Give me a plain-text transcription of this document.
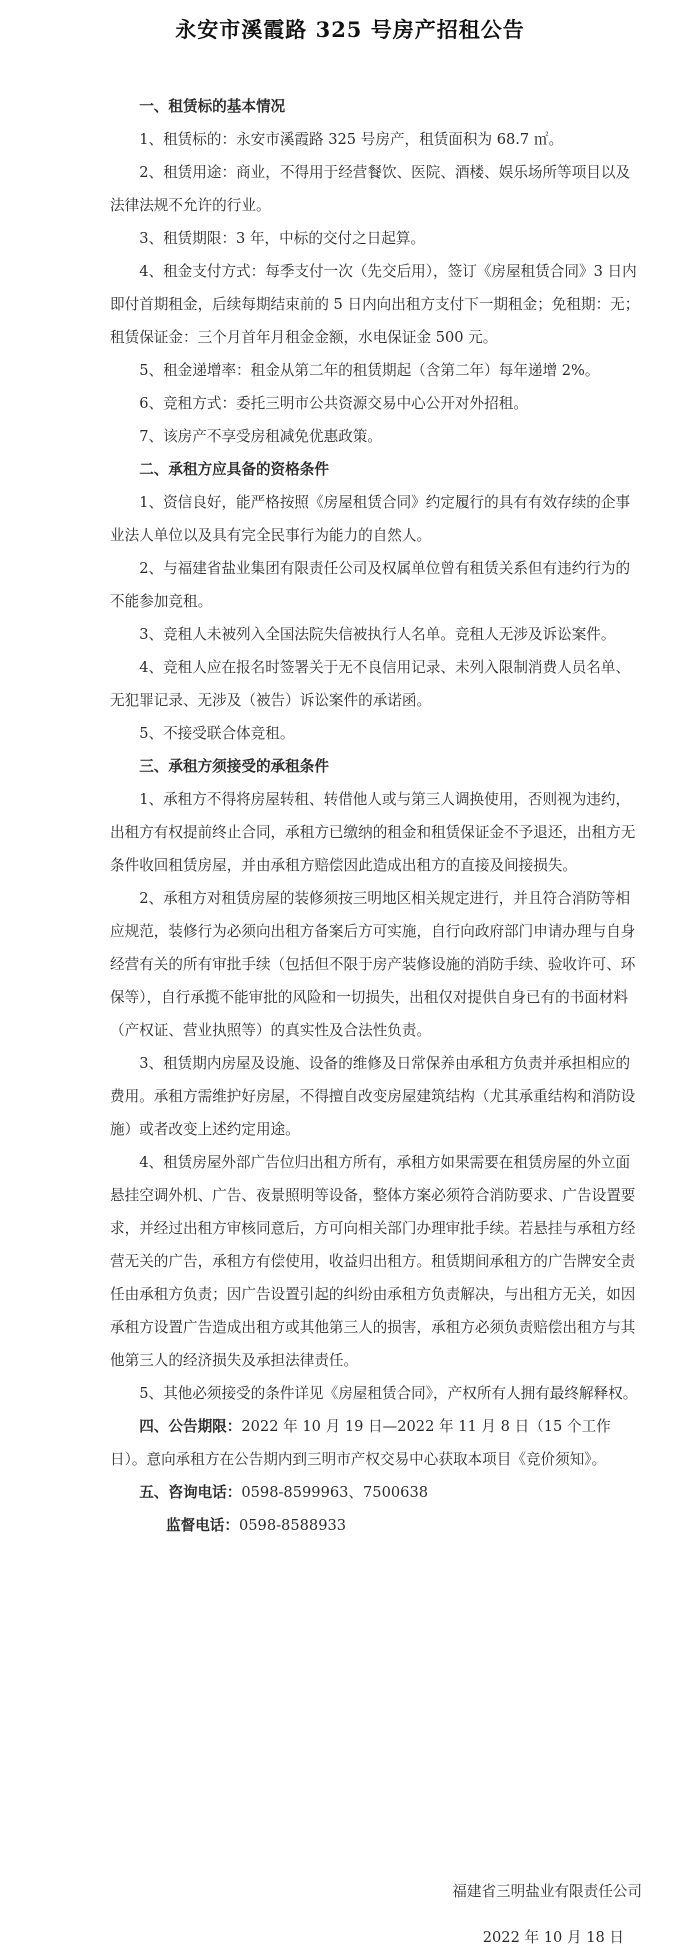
永安市溪霞路 325 号房产招租公告

一、租赁标的基本情况

1、租赁标的：永安市溪霞路 325 号房产，租赁面积为 68.7 ㎡。

2、租赁用途：商业，不得用于经营餐饮、医院、酒楼、娱乐场所等项目以及法律法规不允许的行业。

3、租赁期限：3 年，中标的交付之日起算。

4、租金支付方式：每季支付一次（先交后用），签订《房屋租赁合同》3 日内即付首期租金，后续每期结束前的 5 日内向出租方支付下一期租金；免租期：无；租赁保证金：三个月首年月租金金额，水电保证金 500 元。

5、租金递增率：租金从第二年的租赁期起（含第二年）每年递增 2%。

6、竞租方式：委托三明市公共资源交易中心公开对外招租。

7、该房产不享受房租减免优惠政策。

二、承租方应具备的资格条件

1、资信良好，能严格按照《房屋租赁合同》约定履行的具有有效存续的企事业法人单位以及具有完全民事行为能力的自然人。

2、与福建省盐业集团有限责任公司及权属单位曾有租赁关系但有违约行为的不能参加竞租。

3、竞租人未被列入全国法院失信被执行人名单。竞租人无涉及诉讼案件。

4、竞租人应在报名时签署关于无不良信用记录、未列入限制消费人员名单、无犯罪记录、无涉及（被告）诉讼案件的承诺函。

5、不接受联合体竞租。

三、承租方须接受的承租条件

1、承租方不得将房屋转租、转借他人或与第三人调换使用，否则视为违约，出租方有权提前终止合同，承租方已缴纳的租金和租赁保证金不予退还，出租方无条件收回租赁房屋，并由承租方赔偿因此造成出租方的直接及间接损失。

2、承租方对租赁房屋的装修须按三明地区相关规定进行，并且符合消防等相应规范，装修行为必须向出租方备案后方可实施，自行向政府部门申请办理与自身经营有关的所有审批手续（包括但不限于房产装修设施的消防手续、验收许可、环保等），自行承揽不能审批的风险和一切损失，出租仅对提供自身已有的书面材料（产权证、营业执照等）的真实性及合法性负责。

3、租赁期内房屋及设施、设备的维修及日常保养由承租方负责并承担相应的费用。承租方需维护好房屋，不得擅自改变房屋建筑结构（尤其承重结构和消防设施）或者改变上述约定用途。

4、租赁房屋外部广告位归出租方所有，承租方如果需要在租赁房屋的外立面悬挂空调外机、广告、夜景照明等设备，整体方案必须符合消防要求、广告设置要求，并经过出租方审核同意后，方可向相关部门办理审批手续。若悬挂与承租方经营无关的广告，承租方有偿使用，收益归出租方。租赁期间承租方的广告牌安全责任由承租方负责；因广告设置引起的纠纷由承租方负责解决，与出租方无关，如因承租方设置广告造成出租方或其他第三人的损害，承租方必须负责赔偿出租方与其他第三人的经济损失及承担法律责任。

5、其他必须接受的条件详见《房屋租赁合同》，产权所有人拥有最终解释权。

四、公告期限：2022 年 10 月 19 日—2022 年 11 月 8 日（15 个工作日）。意向承租方在公告期内到三明市产权交易中心获取本项目《竞价须知》。

五、咨询电话：0598-8599963、7500638

监督电话：0598-8588933

福建省三明盐业有限责任公司
2022 年 10 月 18 日
